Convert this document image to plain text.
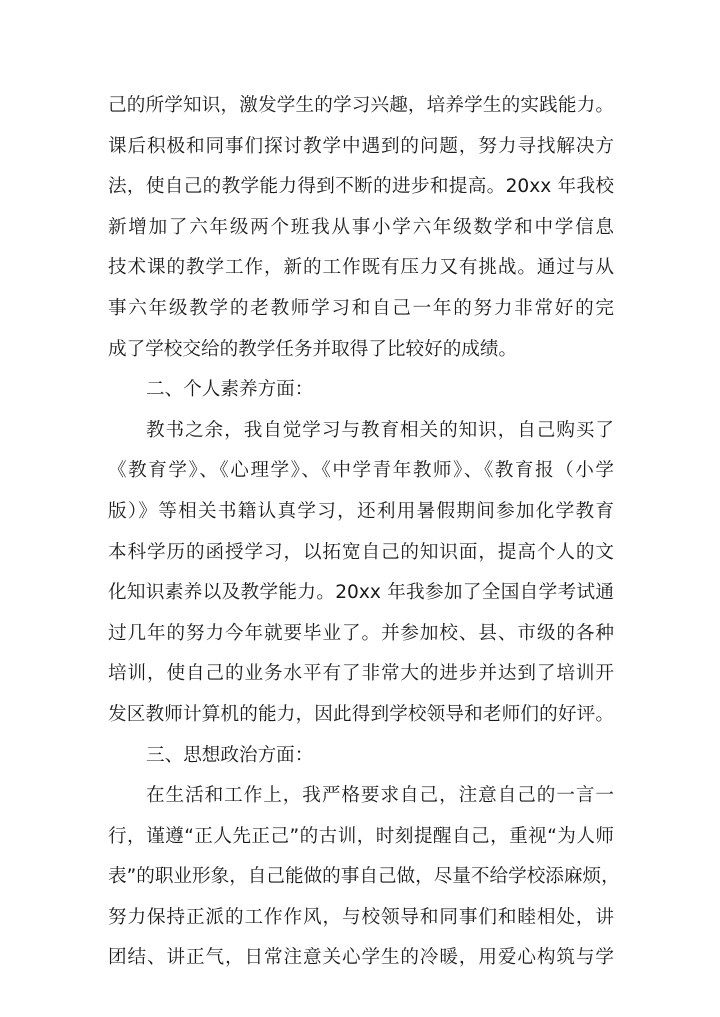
己的所学知识，激发学生的学习兴趣，培养学生的实践能力。
课后积极和同事们探讨教学中遇到的问题，努力寻找解决方
法，使自己的教学能力得到不断的进步和提高。20xx 年我校
新增加了六年级两个班我从事小学六年级数学和中学信息
技术课的教学工作，新的工作既有压力又有挑战。通过与从
事六年级教学的老教师学习和自己一年的努力非常好的完
成了学校交给的教学任务并取得了比较好的成绩。
二、个人素养方面：
教书之余，我自觉学习与教育相关的知识，自己购买了
《教育学》、《心理学》、《中学青年教师》、《教育报（小学
版）》等相关书籍认真学习，还利用暑假期间参加化学教育
本科学历的函授学习，以拓宽自己的知识面，提高个人的文
化知识素养以及教学能力。20xx 年我参加了全国自学考试通
过几年的努力今年就要毕业了。并参加校、县、市级的各种
培训，使自己的业务水平有了非常大的进步并达到了培训开
发区教师计算机的能力，因此得到学校领导和老师们的好评。
三、思想政治方面：
在生活和工作上，我严格要求自己，注意自己的一言一
行，谨遵“正人先正己”的古训，时刻提醒自己，重视“为人师
表”的职业形象，自己能做的事自己做，尽量不给学校添麻烦，
努力保持正派的工作作风，与校领导和同事们和睦相处，讲
团结、讲正气，日常注意关心学生的冷暖，用爱心构筑与学
